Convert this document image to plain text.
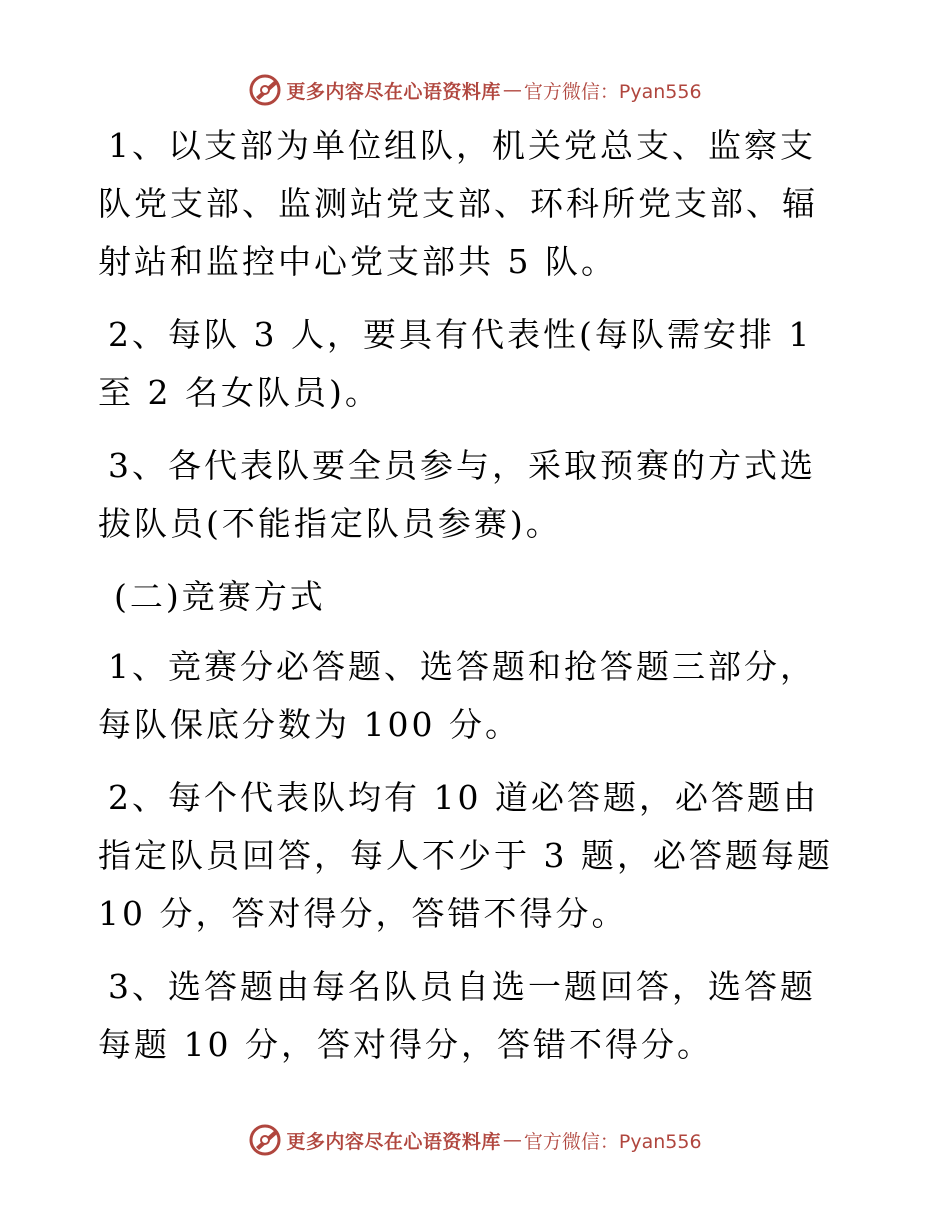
更多内容尽在心语资料库 — 官方微信：Pyan556

1、以支部为单位组队，机关党总支、监察支队党支部、监测站党支部、环科所党支部、辐射站和监控中心党支部共 5 队。

2、每队 3 人，要具有代表性(每队需安排 1 至 2 名女队员)。

3、各代表队要全员参与，采取预赛的方式选拔队员(不能指定队员参赛)。

(二)竞赛方式

1、竞赛分必答题、选答题和抢答题三部分，每队保底分数为 100 分。

2、每个代表队均有 10 道必答题，必答题由指定队员回答，每人不少于 3 题，必答题每题 10 分，答对得分，答错不得分。

3、选答题由每名队员自选一题回答，选答题每题 10 分，答对得分，答错不得分。

更多内容尽在心语资料库 — 官方微信：Pyan556
